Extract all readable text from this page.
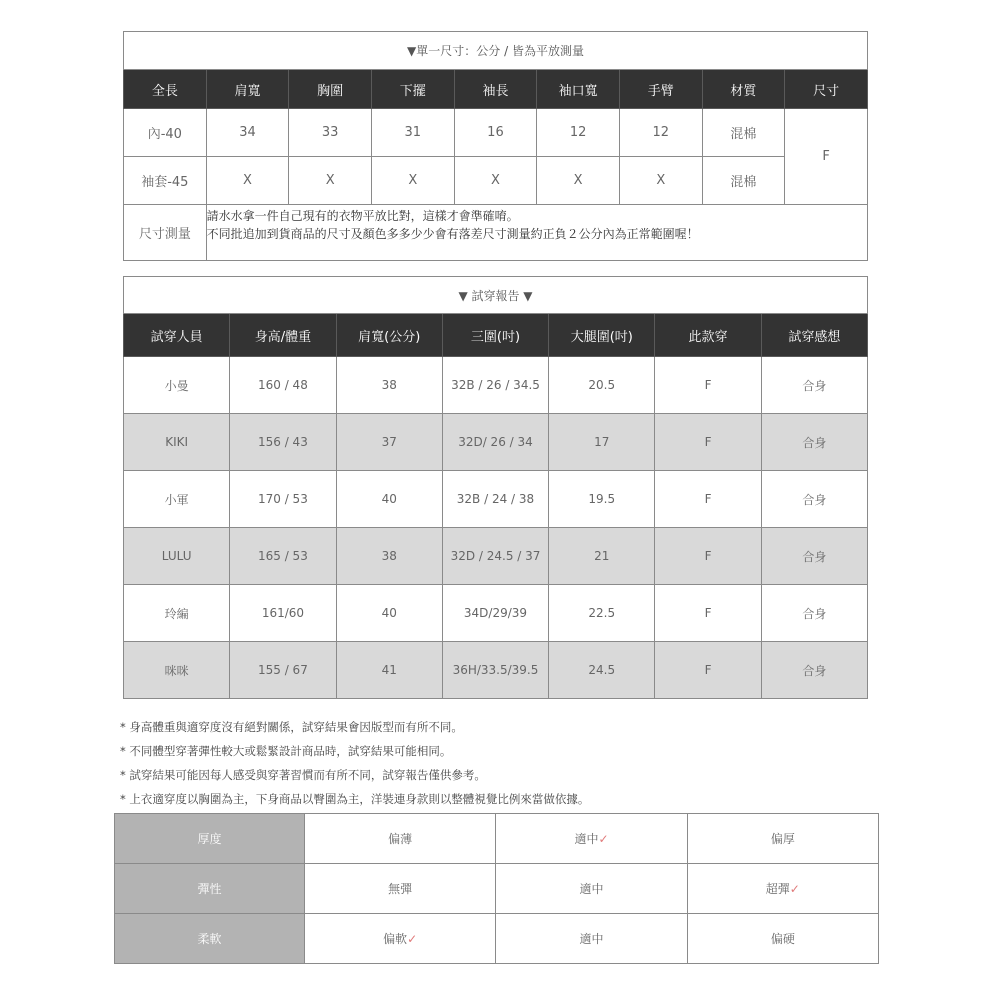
▼單一尺寸：公分 / 皆為平放測量								
全長	肩寬	胸圍	下擺	袖長	袖口寬	手臂	材質	尺寸
內-40	34	33	31	16	12	12	混棉	F
袖套-45	X	X	X	X	X	X	混棉	
尺寸測量	請水水拿一件自己現有的衣物平放比對，這樣才會準確唷。
不同批追加到貨商品的尺寸及顏色多多少少會有落差尺寸測量約正負２公分內為正常範圍喔！							
▼ 試穿報告 ▼						
試穿人員	身高/體重	肩寬(公分)	三圍(吋)	大腿圍(吋)	此款穿	試穿感想
小曼	160 / 48	38	32B / 26 / 34.5	20.5	F	合身
KIKI	156 / 43	37	32D/ 26 / 34	17	F	合身
小軍	170 / 53	40	32B / 24 / 38	19.5	F	合身
LULU	165 / 53	38	32D / 24.5 / 37	21	F	合身
玲編	161/60	40	34D/29/39	22.5	F	合身
咪咪	155 / 67	41	36H/33.5/39.5	24.5	F	合身
* 身高體重與適穿度沒有絕對關係，試穿結果會因版型而有所不同。
* 不同體型穿著彈性較大或鬆緊設計商品時，試穿結果可能相同。
* 試穿結果可能因每人感受與穿著習慣而有所不同，試穿報告僅供參考。
* 上衣適穿度以胸圍為主，下身商品以臀圍為主，洋裝連身款則以整體視覺比例來當做依據。
厚度	偏薄	適中✓	偏厚
彈性	無彈	適中	超彈✓
柔軟	偏軟✓	適中	偏硬
